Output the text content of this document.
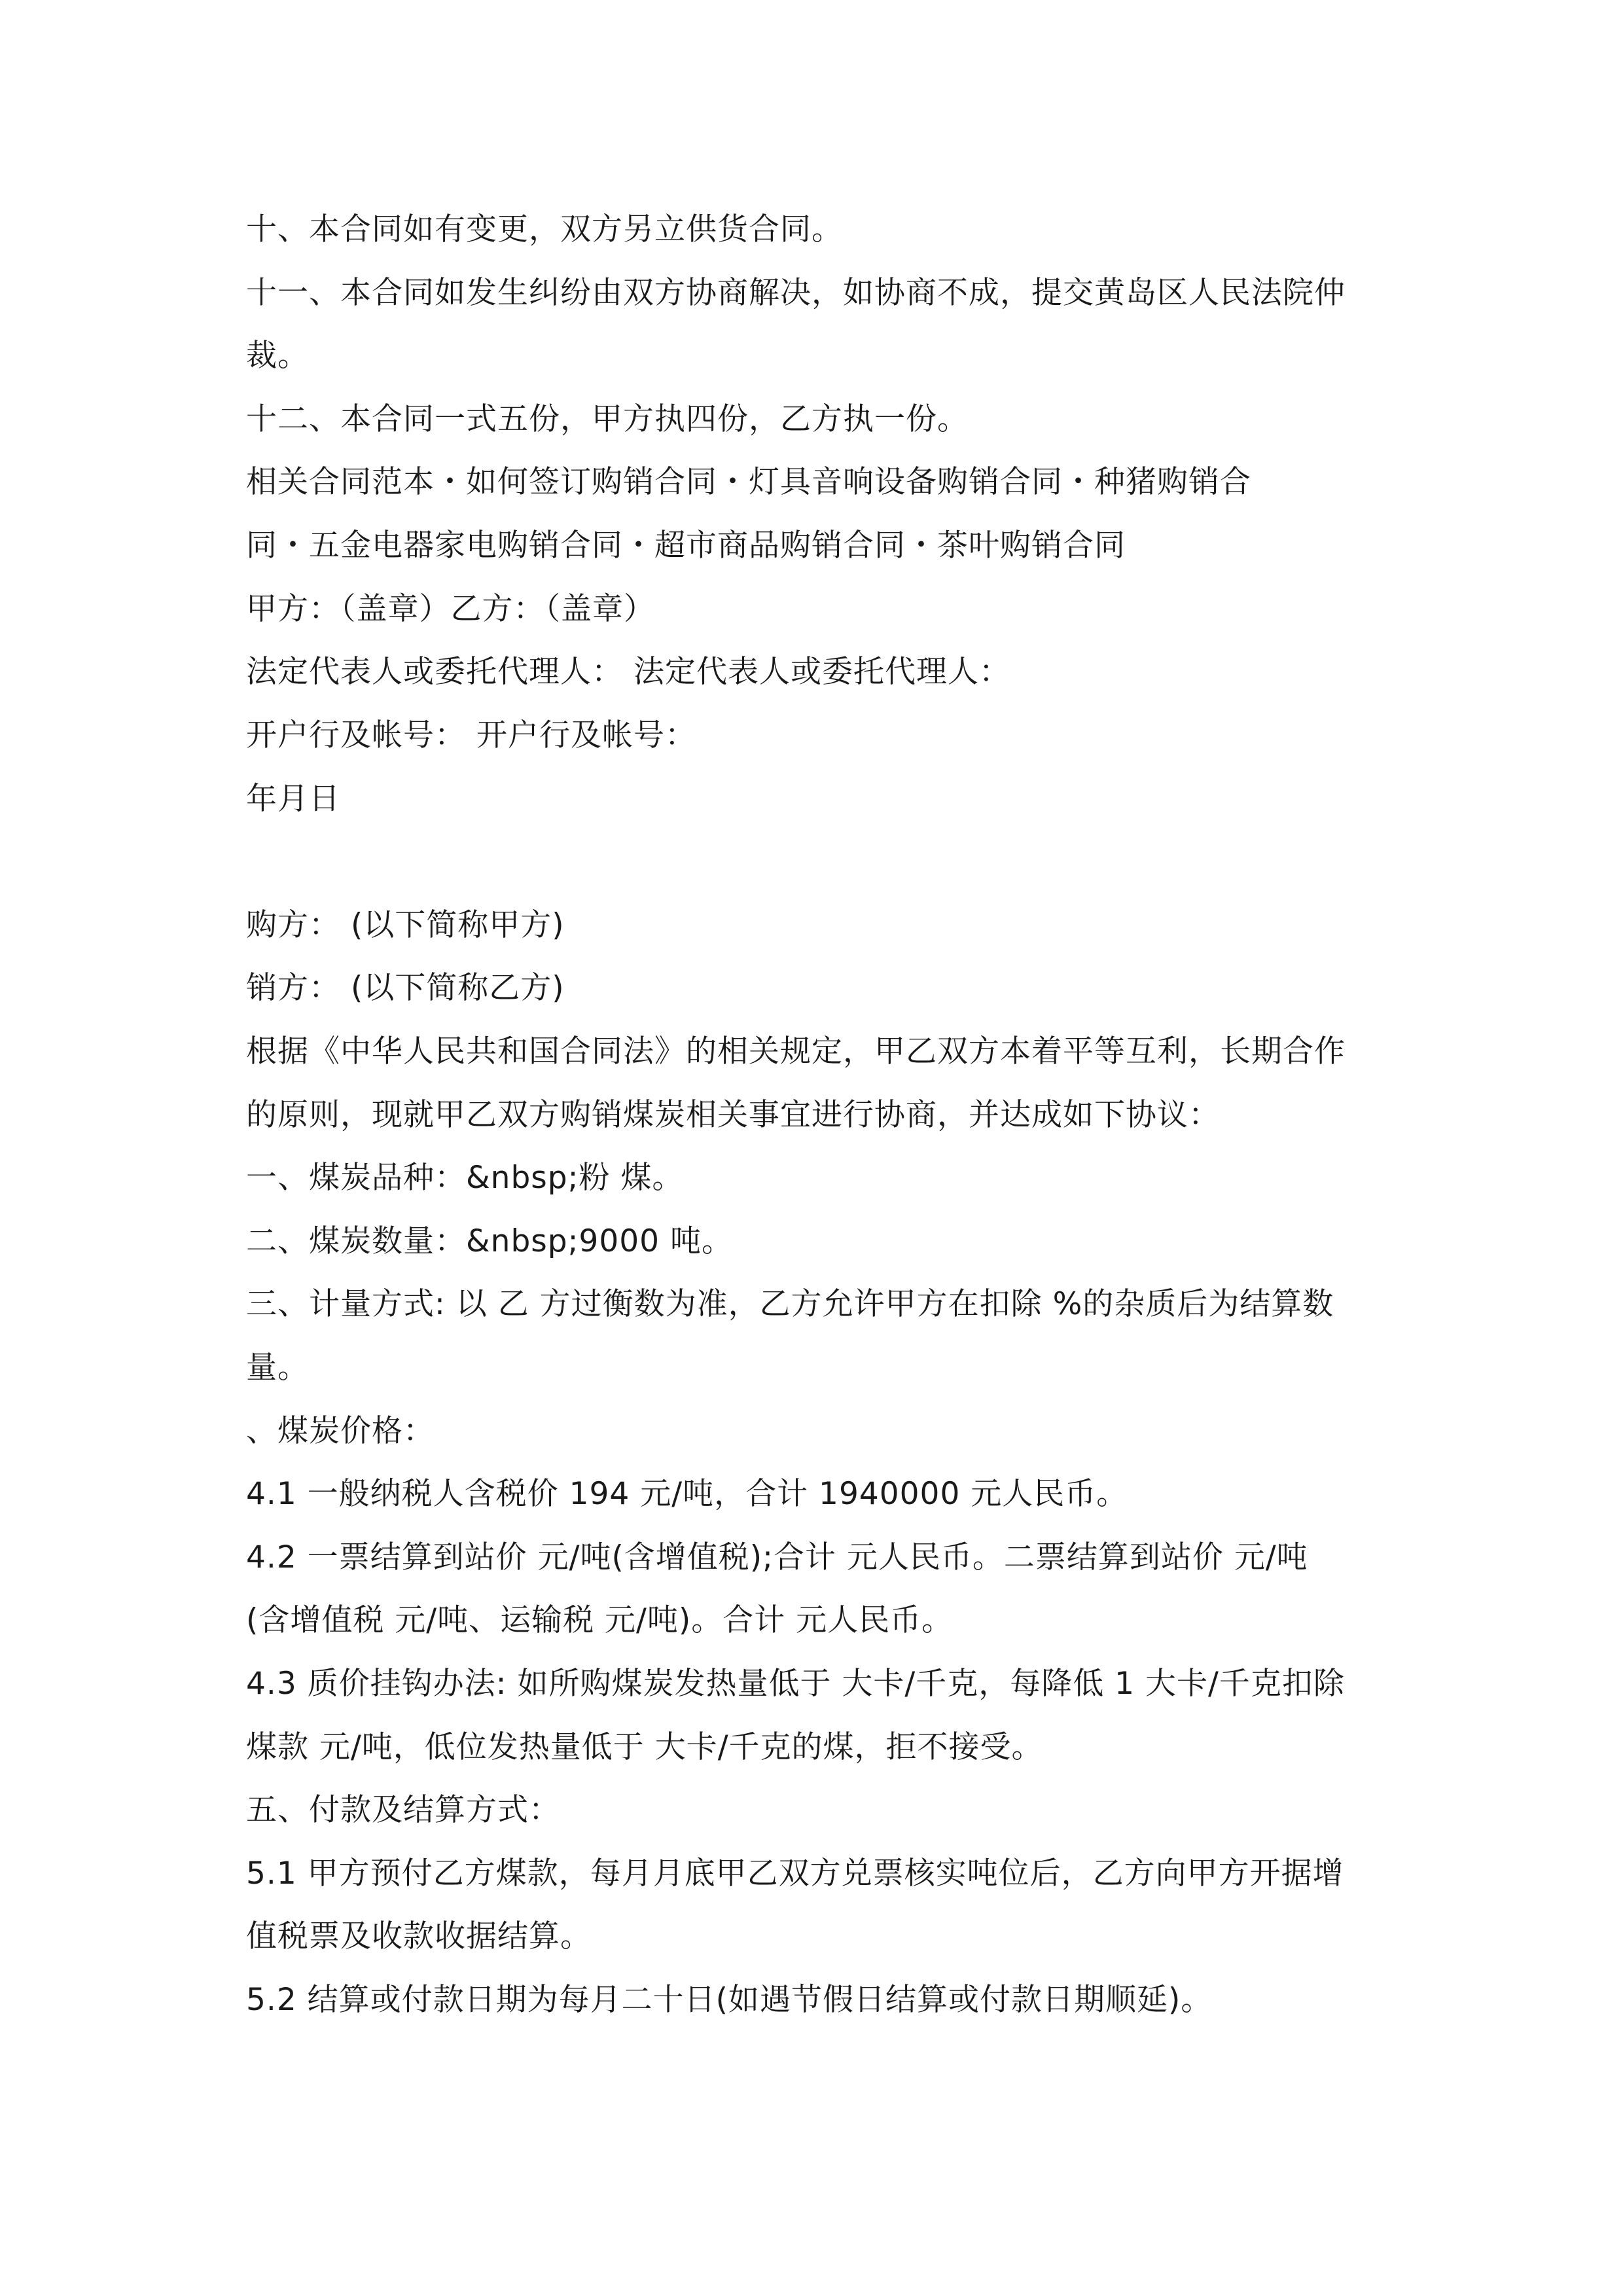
十、本合同如有变更，双方另立供货合同。
十一、本合同如发生纠纷由双方协商解决，如协商不成，提交黄岛区人民法院仲
裁。
十二、本合同一式五份，甲方执四份，乙方执一份。
相关合同范本・如何签订购销合同・灯具音响设备购销合同・种猪购销合
同・五金电器家电购销合同・超市商品购销合同・茶叶购销合同
甲方：（盖章）乙方：（盖章）
法定代表人或委托代理人： 法定代表人或委托代理人：
开户行及帐号： 开户行及帐号：
年月日
购方： (以下简称甲方)
销方： (以下简称乙方)
根据《中华人民共和国合同法》的相关规定，甲乙双方本着平等互利，长期合作
的原则，现就甲乙双方购销煤炭相关事宜进行协商，并达成如下协议：
一、煤炭品种：&nbsp;粉 煤。
二、煤炭数量：&nbsp;9000 吨。
三、计量方式: 以 乙 方过衡数为准，乙方允许甲方在扣除 %的杂质后为结算数
量。
、煤炭价格：
4.1 一般纳税人含税价 194 元/吨，合计 1940000 元人民币。
4.2 一票结算到站价 元/吨(含增值税);合计 元人民币。二票结算到站价 元/吨
(含增值税 元/吨、运输税 元/吨)。合计 元人民币。
4.3 质价挂钩办法: 如所购煤炭发热量低于 大卡/千克，每降低 1 大卡/千克扣除
煤款 元/吨，低位发热量低于 大卡/千克的煤，拒不接受。
五、付款及结算方式：
5.1 甲方预付乙方煤款，每月月底甲乙双方兑票核实吨位后，乙方向甲方开据增
值税票及收款收据结算。
5.2 结算或付款日期为每月二十日(如遇节假日结算或付款日期顺延)。
